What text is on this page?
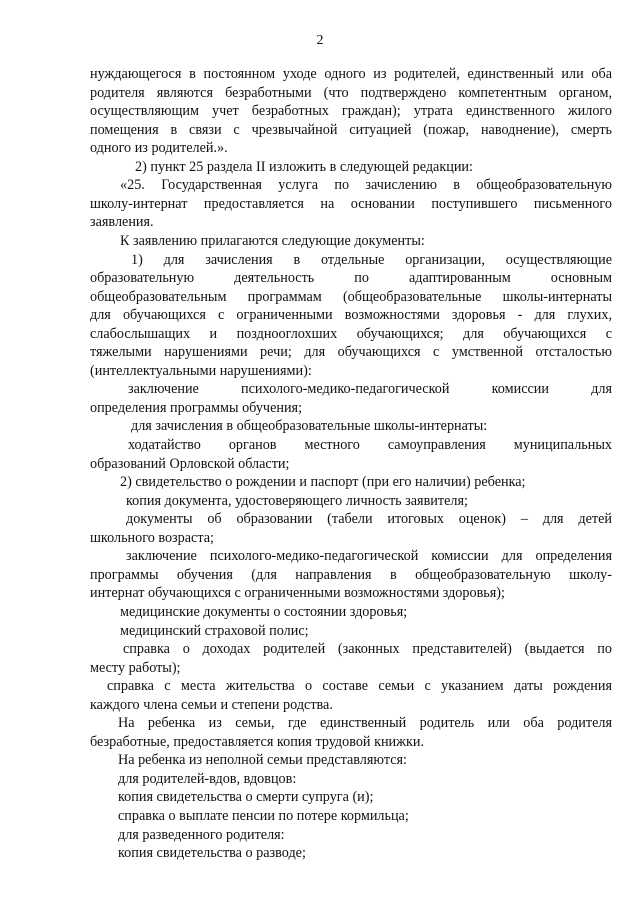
2
нуждающегося в постоянном уходе одного из родителей, единственный или оба
родителя являются безработными (что подтверждено компетентным органом,
осуществляющим учет безработных граждан); утрата единственного жилого
помещения в связи с чрезвычайной ситуацией (пожар, наводнение), смерть
одного из родителей.».
2) пункт 25 раздела II изложить в следующей редакции:
«25. Государственная услуга по зачислению в общеобразовательную
школу-интернат предоставляется на основании поступившего письменного
заявления.
К заявлению прилагаются следующие документы:
1) для зачисления в отдельные организации, осуществляющие
образовательную деятельность по адаптированным основным
общеобразовательным программам (общеобразовательные школы-интернаты
для обучающихся с ограниченными возможностями здоровья - для глухих,
слабослышащих и позднооглохших обучающихся; для обучающихся с
тяжелыми нарушениями речи; для обучающихся с умственной отсталостью
(интеллектуальными нарушениями):
заключение психолого-медико-педагогической комиссии для
определения программы обучения;
для зачисления в общеобразовательные школы-интернаты:
ходатайство органов местного самоуправления муниципальных
образований Орловской области;
2) свидетельство о рождении и паспорт (при его наличии) ребенка;
копия документа, удостоверяющего личность заявителя;
документы об образовании (табели итоговых оценок) – для детей
школьного возраста;
заключение психолого-медико-педагогической комиссии для определения
программы обучения (для направления в общеобразовательную школу-
интернат обучающихся с ограниченными возможностями здоровья);
медицинские документы о состоянии здоровья;
медицинский страховой полис;
справка о доходах родителей (законных представителей) (выдается по
месту работы);
справка с места жительства о составе семьи с указанием даты рождения
каждого члена семьи и степени родства.
На ребенка из семьи, где единственный родитель или оба родителя
безработные, предоставляется копия трудовой книжки.
На ребенка из неполной семьи представляются:
для родителей-вдов, вдовцов:
копия свидетельства о смерти супруга (и);
справка о выплате пенсии по потере кормильца;
для разведенного родителя:
копия свидетельства о разводе;
